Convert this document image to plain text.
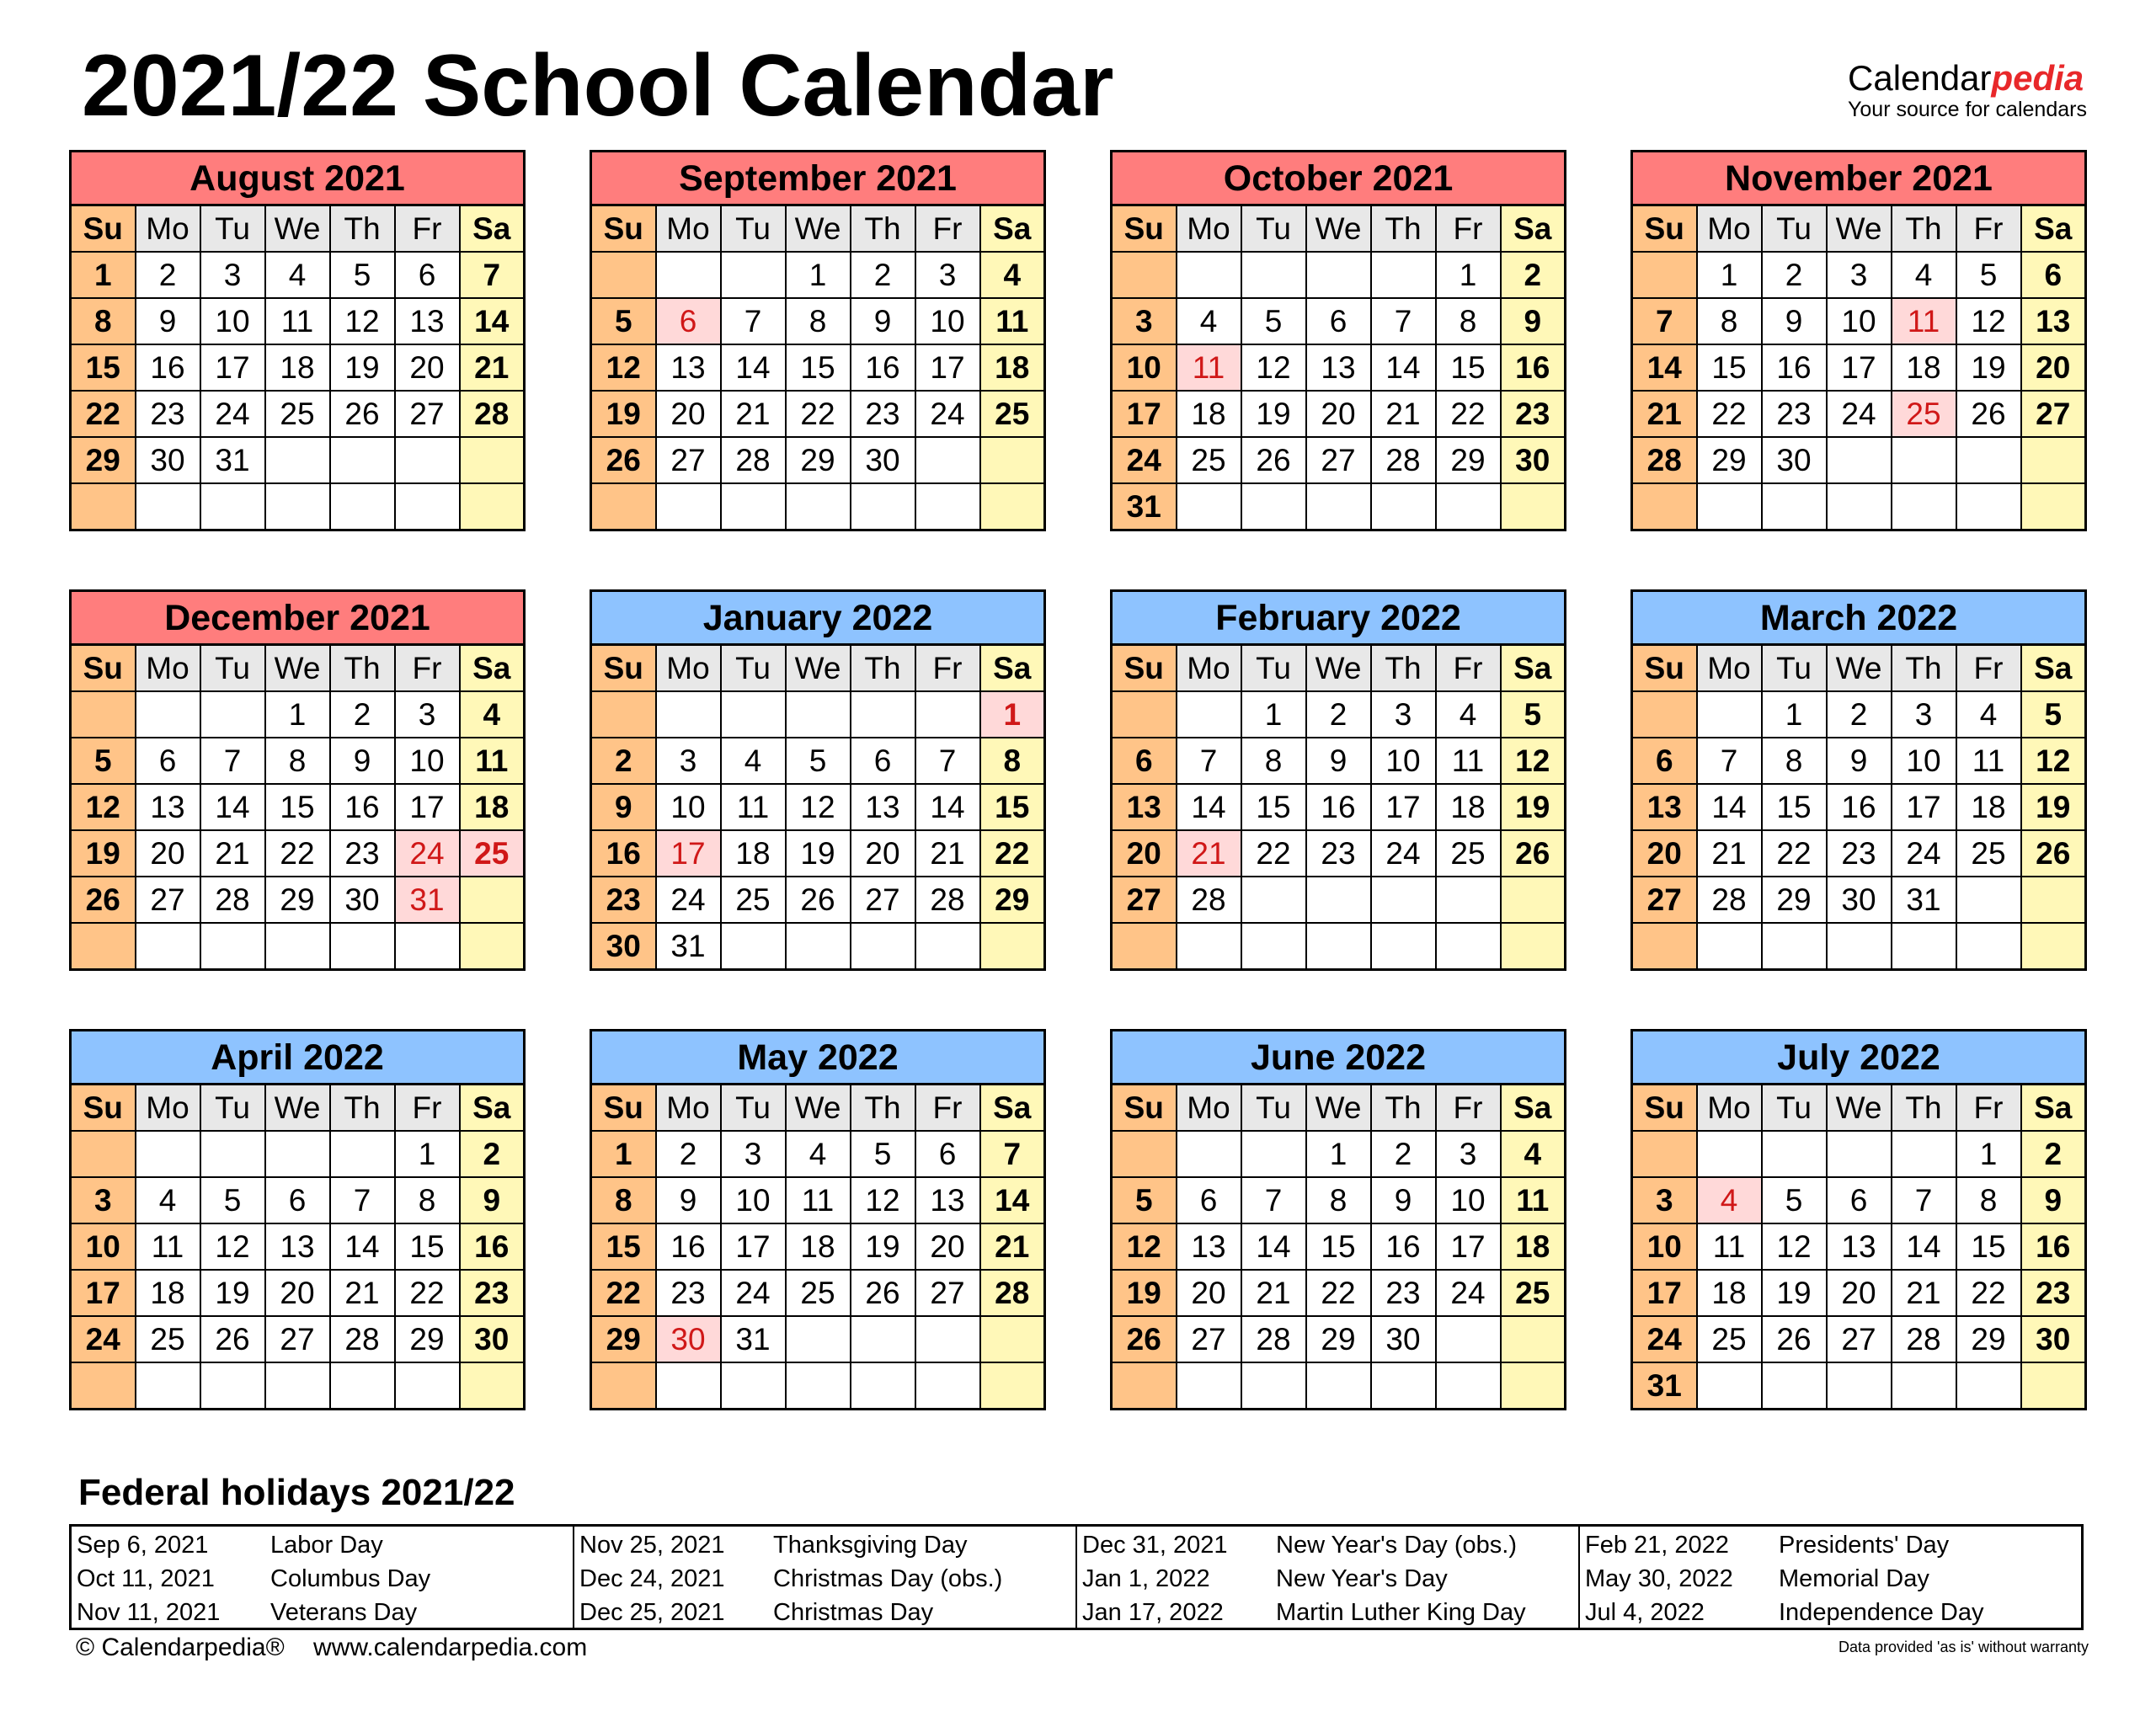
2021/22 School Calendar	Calendarpedia
Your source for calendars
August 2021
Su	Mo	Tu	We	Th	Fr	Sa
1	2	3	4	5	6	7
8	9	10	11	12	13	14
15	16	17	18	19	20	21
22	23	24	25	26	27	28
29	30	31				

September 2021
Su	Mo	Tu	We	Th	Fr	Sa
			1	2	3	4
5	6	7	8	9	10	11
12	13	14	15	16	17	18
19	20	21	22	23	24	25
26	27	28	29	30		

October 2021
Su	Mo	Tu	We	Th	Fr	Sa
					1	2
3	4	5	6	7	8	9
10	11	12	13	14	15	16
17	18	19	20	21	22	23
24	25	26	27	28	29	30
31						
November 2021
Su	Mo	Tu	We	Th	Fr	Sa
	1	2	3	4	5	6
7	8	9	10	11	12	13
14	15	16	17	18	19	20
21	22	23	24	25	26	27
28	29	30				

December 2021
Su	Mo	Tu	We	Th	Fr	Sa
			1	2	3	4
5	6	7	8	9	10	11
12	13	14	15	16	17	18
19	20	21	22	23	24	25
26	27	28	29	30	31	

January 2022
Su	Mo	Tu	We	Th	Fr	Sa
						1
2	3	4	5	6	7	8
9	10	11	12	13	14	15
16	17	18	19	20	21	22
23	24	25	26	27	28	29
30	31					
February 2022
Su	Mo	Tu	We	Th	Fr	Sa
		1	2	3	4	5
6	7	8	9	10	11	12
13	14	15	16	17	18	19
20	21	22	23	24	25	26
27	28					

March 2022
Su	Mo	Tu	We	Th	Fr	Sa
		1	2	3	4	5
6	7	8	9	10	11	12
13	14	15	16	17	18	19
20	21	22	23	24	25	26
27	28	29	30	31		

April 2022
Su	Mo	Tu	We	Th	Fr	Sa
					1	2
3	4	5	6	7	8	9
10	11	12	13	14	15	16
17	18	19	20	21	22	23
24	25	26	27	28	29	30

May 2022
Su	Mo	Tu	We	Th	Fr	Sa
1	2	3	4	5	6	7
8	9	10	11	12	13	14
15	16	17	18	19	20	21
22	23	24	25	26	27	28
29	30	31				

June 2022
Su	Mo	Tu	We	Th	Fr	Sa
			1	2	3	4
5	6	7	8	9	10	11
12	13	14	15	16	17	18
19	20	21	22	23	24	25
26	27	28	29	30		

July 2022
Su	Mo	Tu	We	Th	Fr	Sa
					1	2
3	4	5	6	7	8	9
10	11	12	13	14	15	16
17	18	19	20	21	22	23
24	25	26	27	28	29	30
31						
Federal holidays 2021/22
Sep 6, 2021	Labor Day
Oct 11, 2021 Columbus Day
Nov 11, 2021 Veterans Day
Nov 25, 2021 Thanksgiving Day
Dec 24, 2021 Christmas Day (obs.)
Dec 25, 2021 Christmas Day
Dec 31, 2021 New Year's Day (obs.)
Jan 1, 2022	New Year's Day
Jan 17, 2022 Martin Luther King Day
Feb 21, 2022 Presidents' Day
May 30, 2022 Memorial Day
Jul 4, 2022	Independence Day
© Calendarpedia® www.calendarpedia.com	Data provided 'as is' without warranty
